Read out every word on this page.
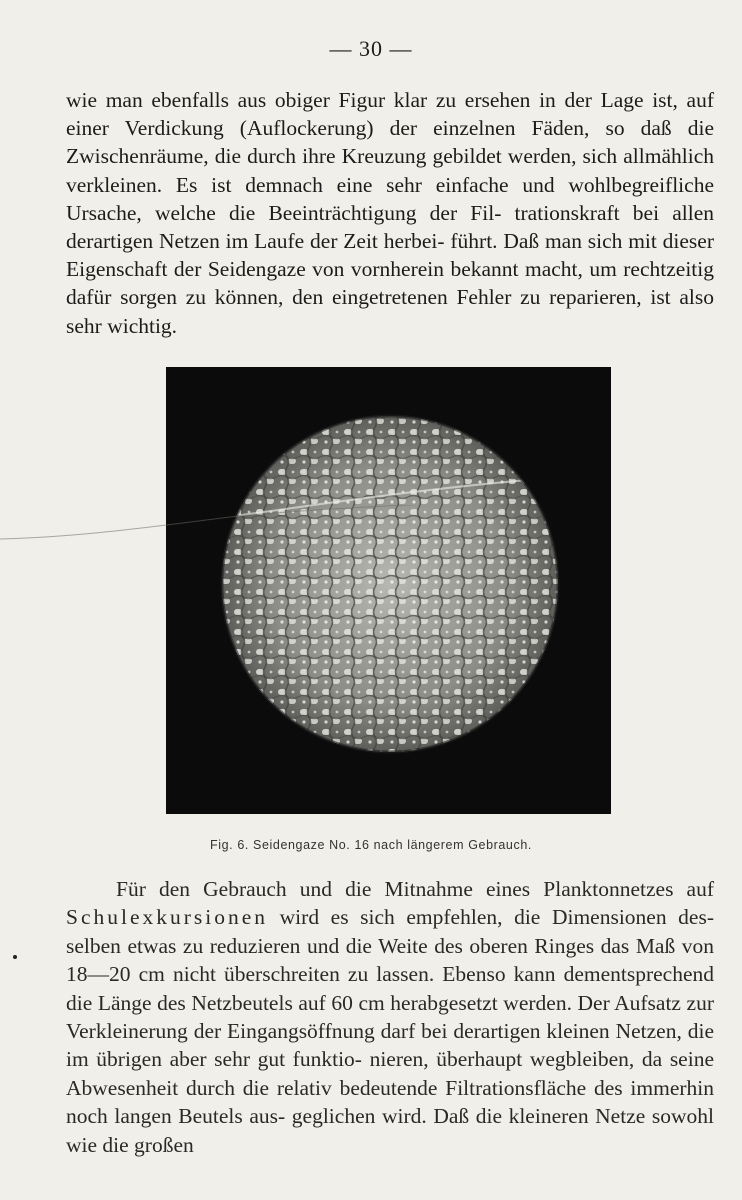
— 30 —

wie man ebenfalls aus obiger Figur klar zu ersehen in der Lage ist, auf einer Verdickung (Auflockerung) der einzelnen Fäden, so daß die Zwischenräume, die durch ihre Kreuzung gebildet werden, sich allmählich verkleinen. Es ist demnach eine sehr einfache und wohlbegreifliche Ursache, welche die Beeinträchtigung der Fil- trationskraft bei allen derartigen Netzen im Laufe der Zeit herbei- führt. Daß man sich mit dieser Eigenschaft der Seidengaze von vornherein bekannt macht, um rechtzeitig dafür sorgen zu können, den eingetretenen Fehler zu reparieren, ist also sehr wichtig.

Fig. 6. Seidengaze No. 16 nach längerem Gebrauch.

Für den Gebrauch und die Mitnahme eines Planktonnetzes auf Schulexkursionen wird es sich empfehlen, die Dimensionen des- selben etwas zu reduzieren und die Weite des oberen Ringes das Maß von 18—20 cm nicht überschreiten zu lassen. Ebenso kann dementsprechend die Länge des Netzbeutels auf 60 cm herabgesetzt werden. Der Aufsatz zur Verkleinerung der Eingangsöffnung darf bei derartigen kleinen Netzen, die im übrigen aber sehr gut funktio- nieren, überhaupt wegbleiben, da seine Abwesenheit durch die relativ bedeutende Filtrationsfläche des immerhin noch langen Beutels aus- geglichen wird. Daß die kleineren Netze sowohl wie die großen
